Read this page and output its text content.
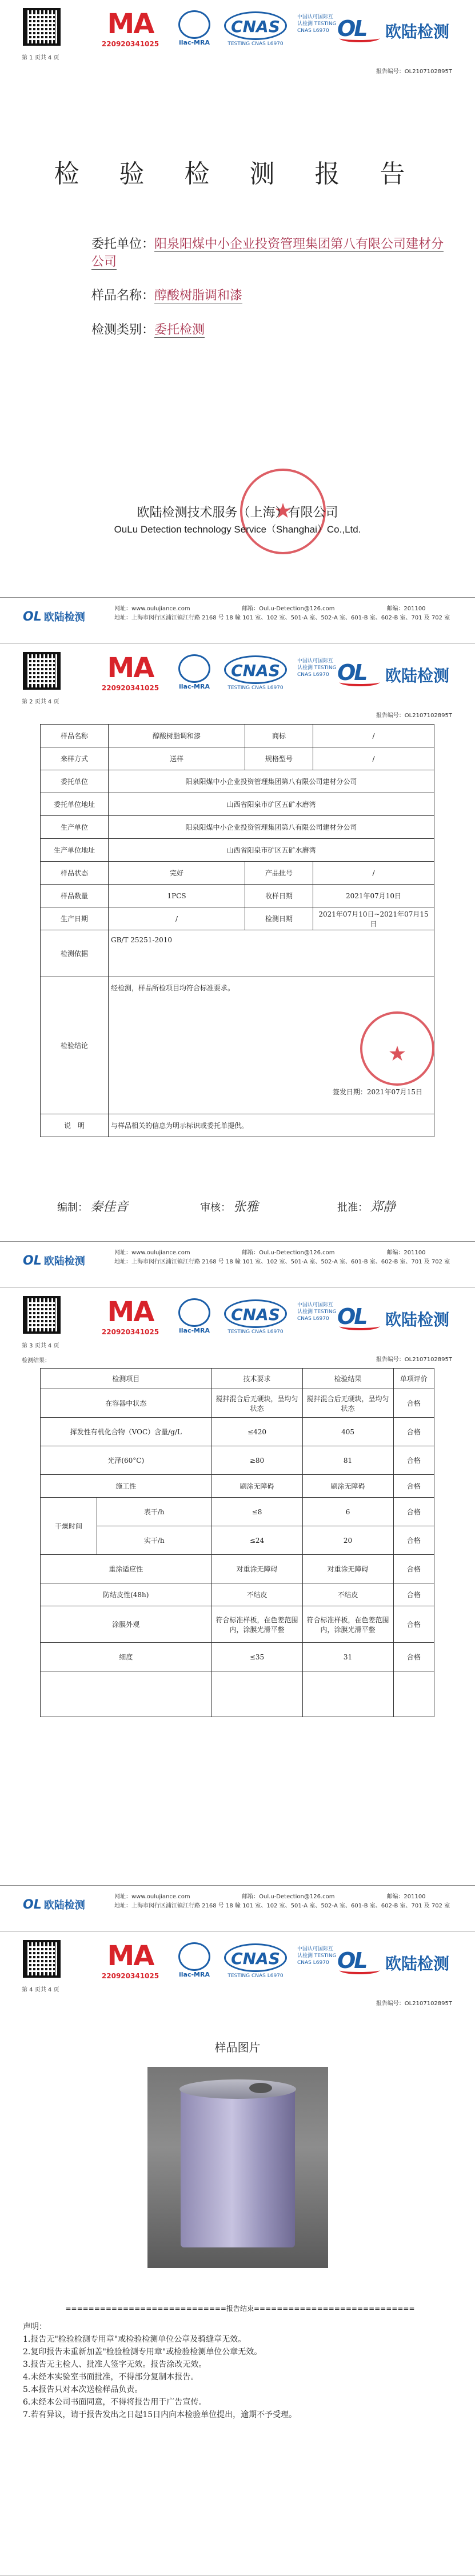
第 1 页共 4 页
MA
220920341025	ilac-MRA
CNAS
TESTING CNAS L6970
中国认可国际互认检测 TESTING CNAS L6970 OL	欧陆检测
报告编号：OL2107102895T
检 验 检 测 报 告
委托单位：阳泉阳煤中小企业投资管理集团第八有限公司建材分公司
样品名称：醇酸树脂调和漆
检测类别：委托检测
★
欧陆检测技术服务（上海）有限公司
OuLu Detection technology Service（Shanghai）Co.,Ltd.
OL 欧陆检测
网址：www.oulujiance.com	邮箱：Oul.u-Detection@126.com	邮编：201100
地址：上海市闵行区浦江镇江行路 2168 号 18 幢 101 室、102 室、501-A 室、502-A 室、601-B 室、602-B 室、701 及 702 室
第 2 页共 4 页
MA
220920341025	ilac-MRA
CNAS
TESTING CNAS L6970
中国认可国际互认检测 TESTING CNAS L6970 OL	欧陆检测
报告编号：OL2107102895T
样品名称	醇酸树脂调和漆	商标	/
来样方式	送样	规格型号	/
委托单位	阳泉阳煤中小企业投资管理集团第八有限公司建材分公司		
委托单位地址	山西省阳泉市矿区五矿水磨湾		
生产单位	阳泉阳煤中小企业投资管理集团第八有限公司建材分公司		
生产单位地址	山西省阳泉市矿区五矿水磨湾		
样品状态	完好	产品批号	/
样品数量	1PCS	收样日期	2021年07月10日
生产日期	/	检测日期	2021年07月10日~2021年07月15日
检测依据	GB/T 25251-2010		
检验结论	经检测，样品所检项目均符合标准要求。
★
签发日期：2021年07月15日

说　明	与样品相关的信息为明示标识或委托单提供。		
编制： 秦佳音	审核： 张雅	批准： 郑静
OL 欧陆检测
网址：www.oulujiance.com	邮箱：Oul.u-Detection@126.com	邮编：201100
地址：上海市闵行区浦江镇江行路 2168 号 18 幢 101 室、102 室、501-A 室、502-A 室、601-B 室、602-B 室、701 及 702 室
第 3 页共 4 页
检测结果：
MA
220920341025	ilac-MRA
CNAS
TESTING CNAS L6970
中国认可国际互认检测 TESTING CNAS L6970 OL	欧陆检测
报告编号：OL2107102895T
检测项目		技术要求	检验结果	单项评价
在容器中状态		搅拌混合后无硬块，呈均匀状态	搅拌混合后无硬块，呈均匀状态	合格
挥发性有机化合物（VOC）含量/g/L		≤420	405	合格
光泽(60°C)		≥80	81	合格
施工性		刷涂无障碍	刷涂无障碍	合格
干燥时间	表干/h	≤8	6	合格
	实干/h	≤24	20	合格
重涂适应性		对重涂无障碍	对重涂无障碍	合格
防结皮性(48h)		不结皮	不结皮	合格
涂膜外观		符合标准样板，在色差范围内，涂膜光滑平整	符合标准样板，在色差范围内，涂膜光滑平整	合格
细度		≤35	31	合格

OL 欧陆检测
网址：www.oulujiance.com	邮箱：Oul.u-Detection@126.com	邮编：201100
地址：上海市闵行区浦江镇江行路 2168 号 18 幢 101 室、102 室、501-A 室、502-A 室、601-B 室、602-B 室、701 及 702 室
第 4 页共 4 页
MA
220920341025	ilac-MRA
CNAS
TESTING CNAS L6970
中国认可国际互认检测 TESTING CNAS L6970 OL	欧陆检测
报告编号：OL2107102895T
样品图片
============================报告结束============================
声明：
1.报告无"检验检测专用章"或检验检测单位公章及骑缝章无效。
2.复印报告未重新加盖"检验检测专用章"或检验检测单位公章无效。
3.报告无主检人、批准人签字无效。报告涂改无效。
4.未经本实验室书面批准，不得部分复制本报告。
5.本报告只对本次送检样品负责。
6.未经本公司书面同意，不得将报告用于广告宣传。
7.若有异议，请于报告发出之日起15日内向本检验单位提出，逾期不予受理。
